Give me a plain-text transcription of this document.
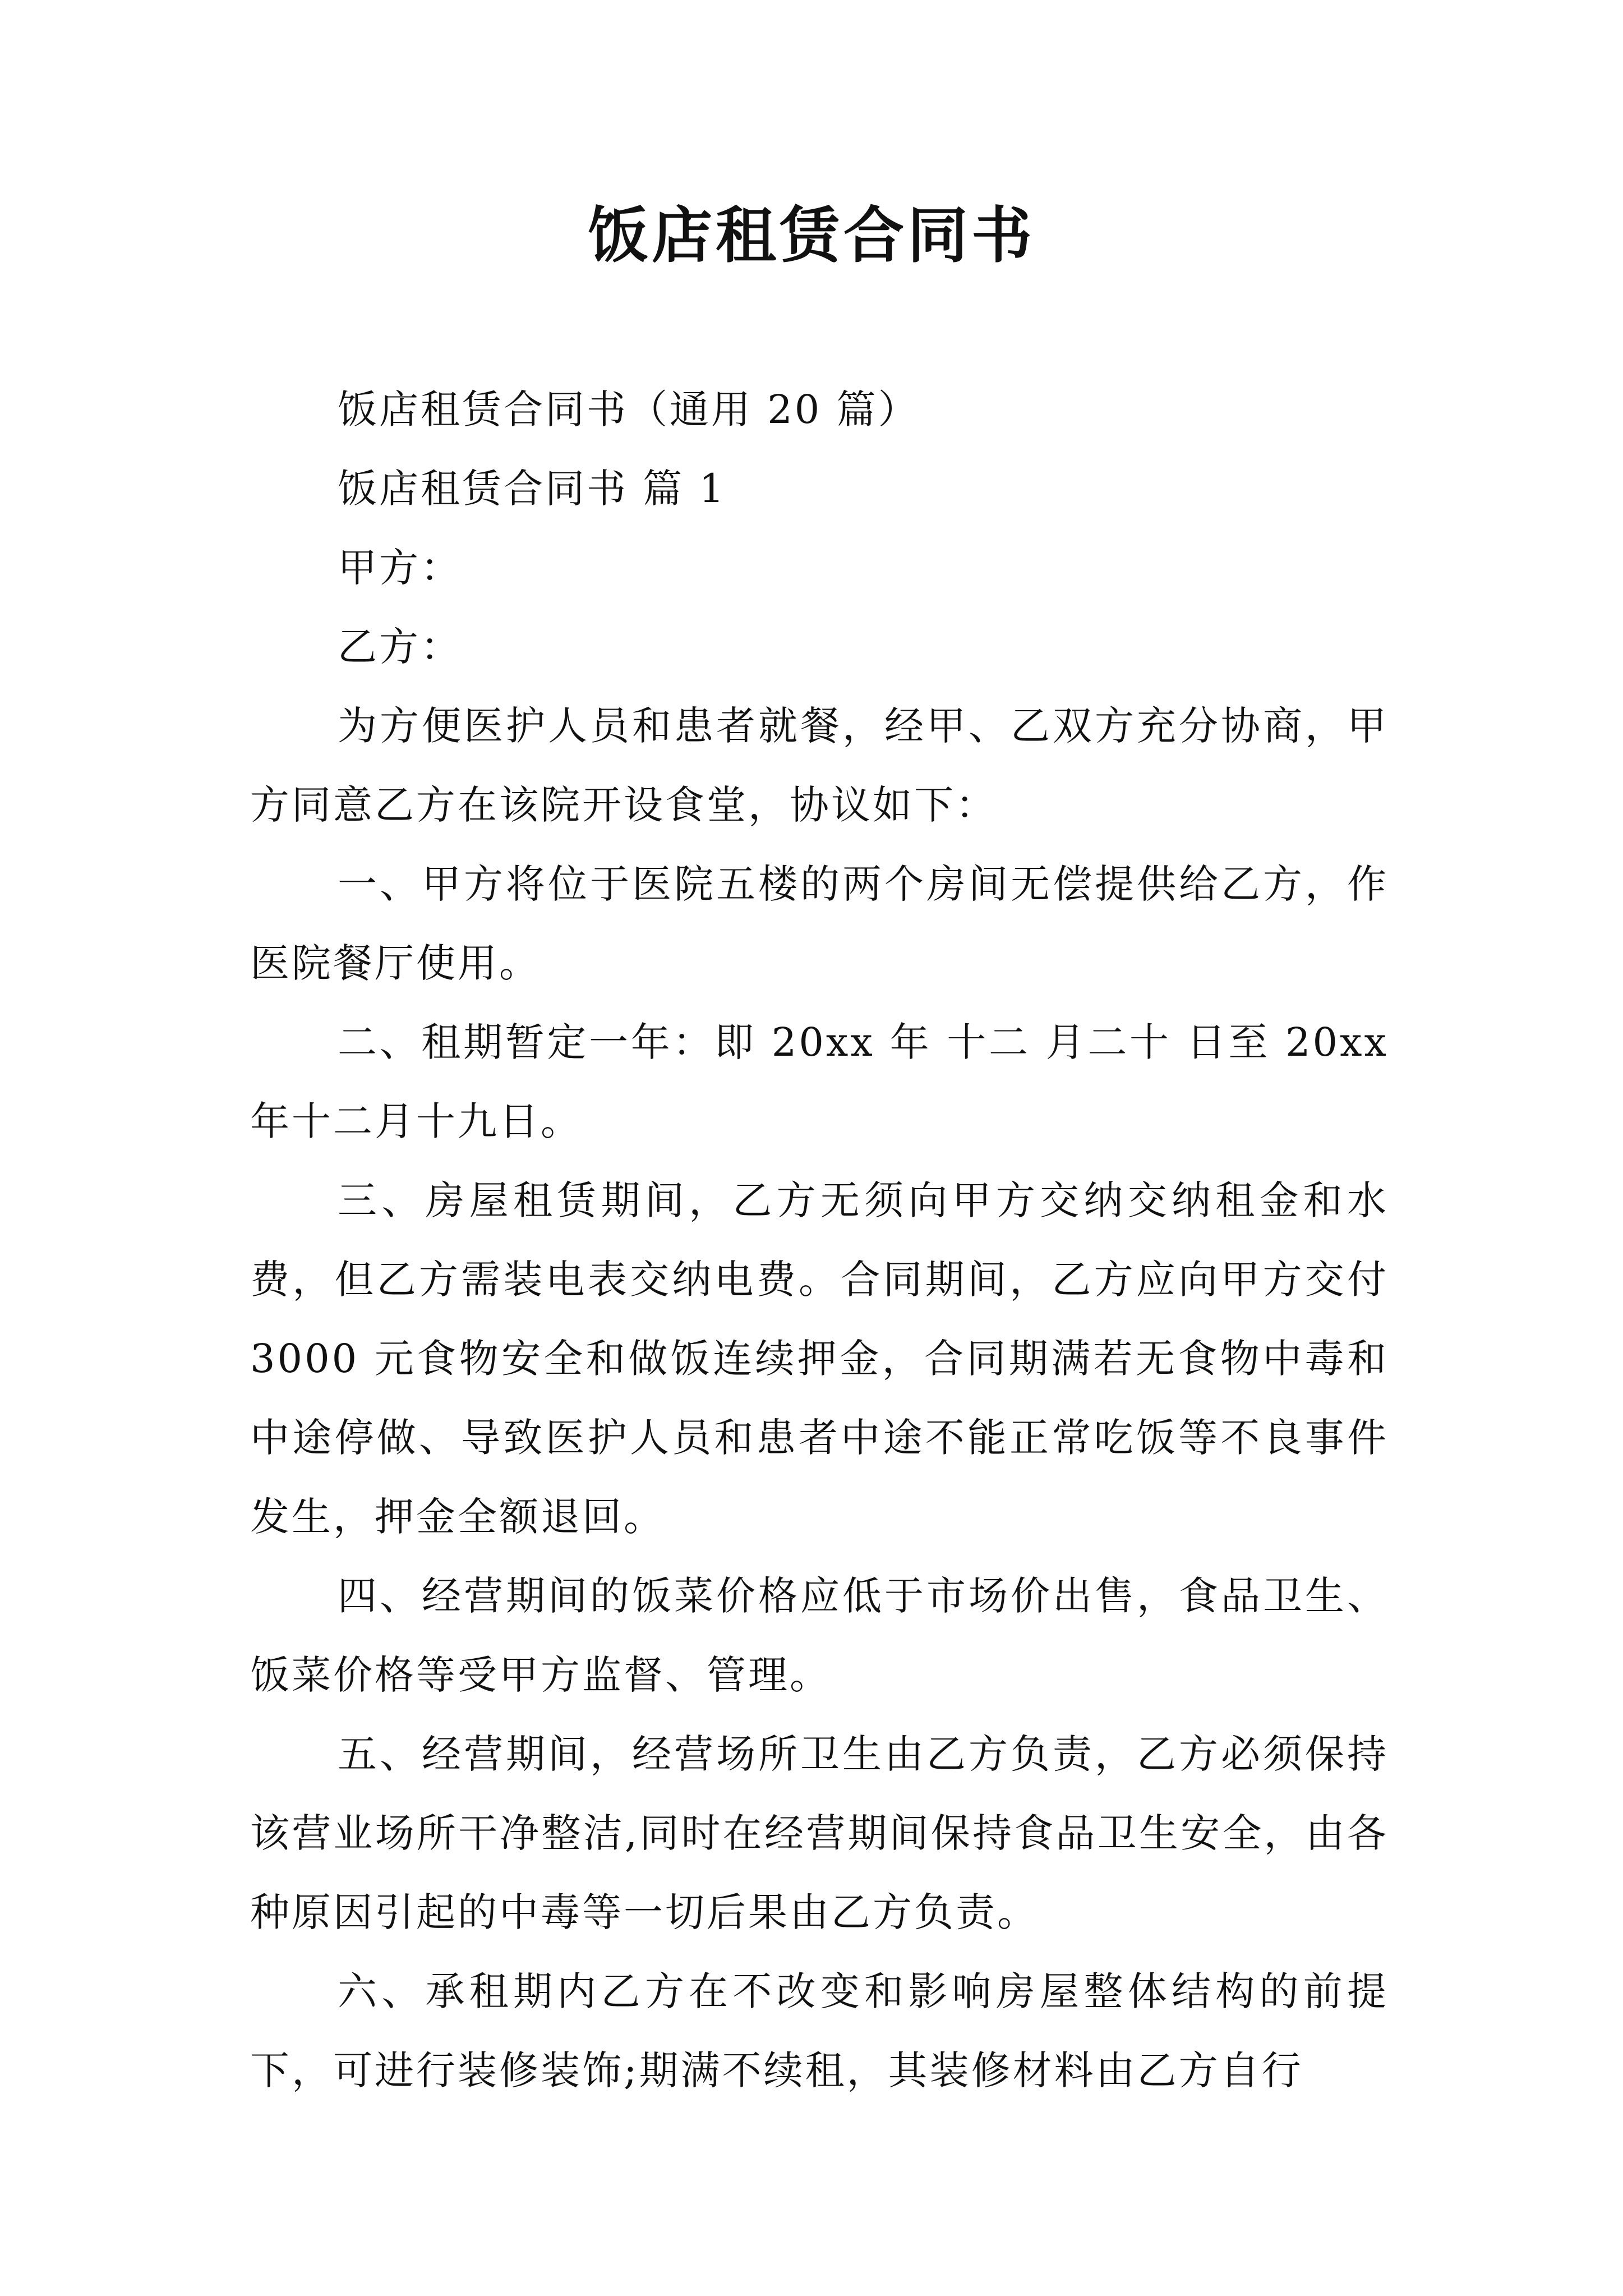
饭店租赁合同书

饭店租赁合同书（通用 20 篇）

饭店租赁合同书 篇 1

甲方：

乙方：

为方便医护人员和患者就餐，经甲、乙双方充分协商，甲方同意乙方在该院开设食堂，协议如下：

一、甲方将位于医院五楼的两个房间无偿提供给乙方，作医院餐厅使用。

二、租期暂定一年：即 20xx 年 十二 月二十 日至 20xx 年十二月十九日。

三、房屋租赁期间，乙方无须向甲方交纳交纳租金和水费，但乙方需装电表交纳电费。合同期间，乙方应向甲方交付 3000 元食物安全和做饭连续押金，合同期满若无食物中毒和中途停做、导致医护人员和患者中途不能正常吃饭等不良事件发生，押金全额退回。

四、经营期间的饭菜价格应低于市场价出售，食品卫生、饭菜价格等受甲方监督、管理。

五、经营期间，经营场所卫生由乙方负责，乙方必须保持该营业场所干净整洁,同时在经营期间保持食品卫生安全，由各种原因引起的中毒等一切后果由乙方负责。

六、承租期内乙方在不改变和影响房屋整体结构的前提下，可进行装修装饰;期满不续租，其装修材料由乙方自行
